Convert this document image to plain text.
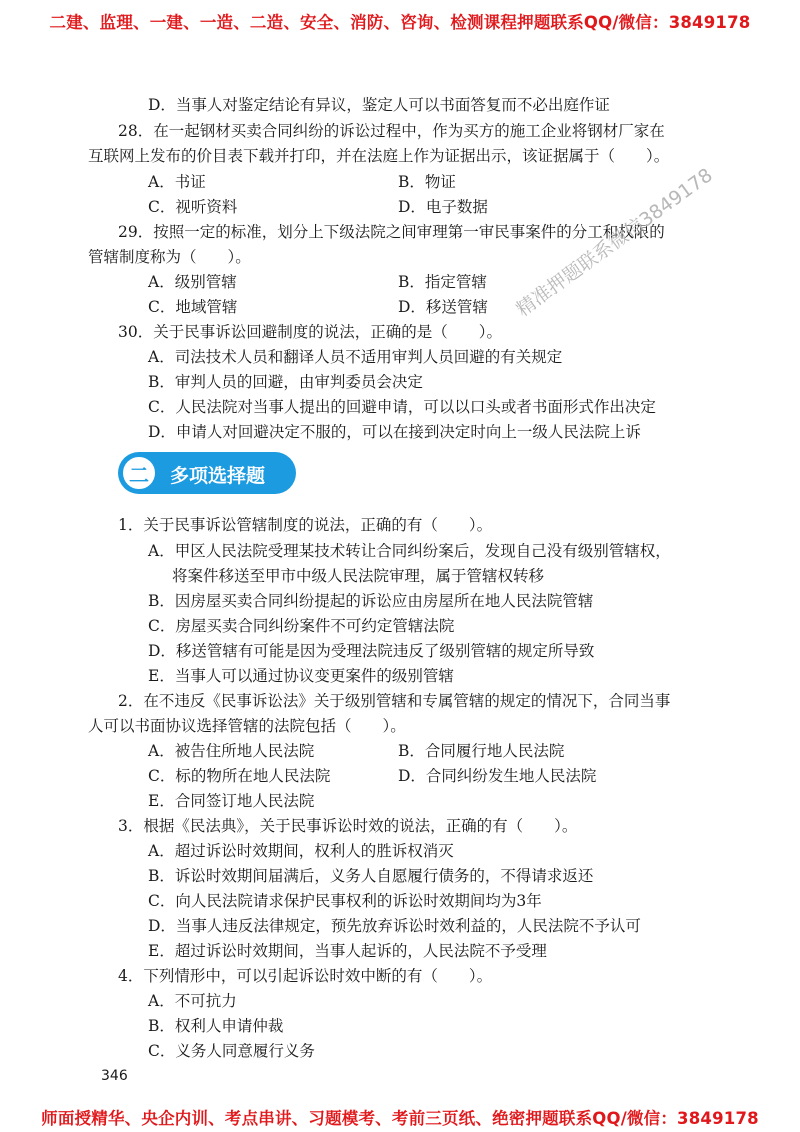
二建、监理、一建、一造、二造、安全、消防、咨询、检测课程押题联系QQ/微信：3849178
D．当事人对鉴定结论有异议，鉴定人可以书面答复而不必出庭作证
28．在一起钢材买卖合同纠纷的诉讼过程中，作为买方的施工企业将钢材厂家在
互联网上发布的价目表下载并打印，并在法庭上作为证据出示，该证据属于（　　）。
A．书证	B．物证
C．视听资料	D．电子数据
29．按照一定的标准，划分上下级法院之间审理第一审民事案件的分工和权限的
管辖制度称为（　　）。
A．级别管辖	B．指定管辖
C．地域管辖	D．移送管辖
30．关于民事诉讼回避制度的说法，正确的是（　　）。
A．司法技术人员和翻译人员不适用审判人员回避的有关规定
B．审判人员的回避，由审判委员会决定
C．人民法院对当事人提出的回避申请，可以以口头或者书面形式作出决定
D．申请人对回避决定不服的，可以在接到决定时向上一级人民法院上诉
二	多项选择题
1．关于民事诉讼管辖制度的说法，正确的有（　　）。
A．甲区人民法院受理某技术转让合同纠纷案后，发现自己没有级别管辖权，
将案件移送至甲市中级人民法院审理，属于管辖权转移
B．因房屋买卖合同纠纷提起的诉讼应由房屋所在地人民法院管辖
C．房屋买卖合同纠纷案件不可约定管辖法院
D．移送管辖有可能是因为受理法院违反了级别管辖的规定所导致
E．当事人可以通过协议变更案件的级别管辖
2．在不违反《民事诉讼法》关于级别管辖和专属管辖的规定的情况下，合同当事
人可以书面协议选择管辖的法院包括（　　）。
A．被告住所地人民法院	B．合同履行地人民法院
C．标的物所在地人民法院	D．合同纠纷发生地人民法院
E．合同签订地人民法院
3．根据《民法典》，关于民事诉讼时效的说法，正确的有（　　）。
A．超过诉讼时效期间，权利人的胜诉权消灭
B．诉讼时效期间届满后，义务人自愿履行债务的，不得请求返还
C．向人民法院请求保护民事权利的诉讼时效期间均为3年
D．当事人违反法律规定，预先放弃诉讼时效利益的，人民法院不予认可
E．超过诉讼时效期间，当事人起诉的，人民法院不予受理
4．下列情形中，可以引起诉讼时效中断的有（　　）。
A．不可抗力
B．权利人申请仲裁
C．义务人同意履行义务
精准押题联系微信3849178
346
师面授精华、央企内训、考点串讲、习题模考、考前三页纸、绝密押题联系QQ/微信：3849178
